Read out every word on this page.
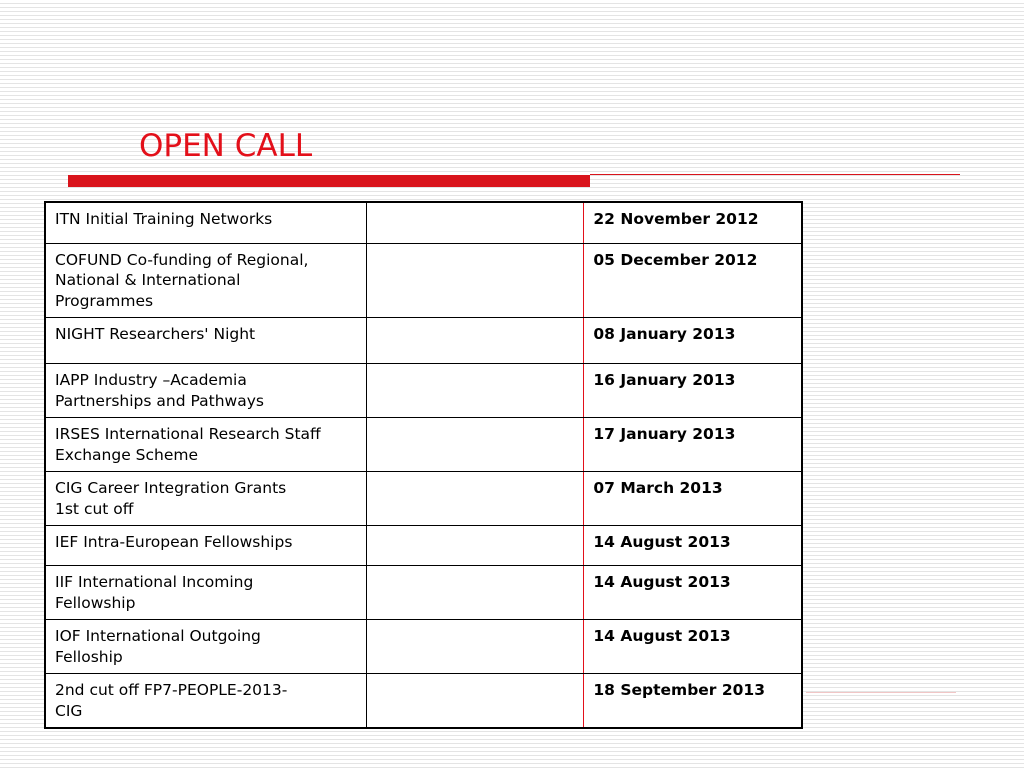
OPEN CALL
ITN Initial Training Networks		22 November 2012
COFUND Co-funding of Regional,
National & International
Programmes		05 December 2012
NIGHT Researchers' Night		08 January 2013
IAPP Industry –Academia
Partnerships and Pathways		16 January 2013
IRSES International Research Staff
Exchange Scheme		17 January 2013
CIG Career Integration Grants
1st cut off		07 March 2013
IEF Intra-European Fellowships		14 August 2013
IIF International Incoming
Fellowship		14 August 2013
IOF International Outgoing
Felloship		14 August 2013
2nd cut off FP7-PEOPLE-2013-
CIG		18 September 2013
